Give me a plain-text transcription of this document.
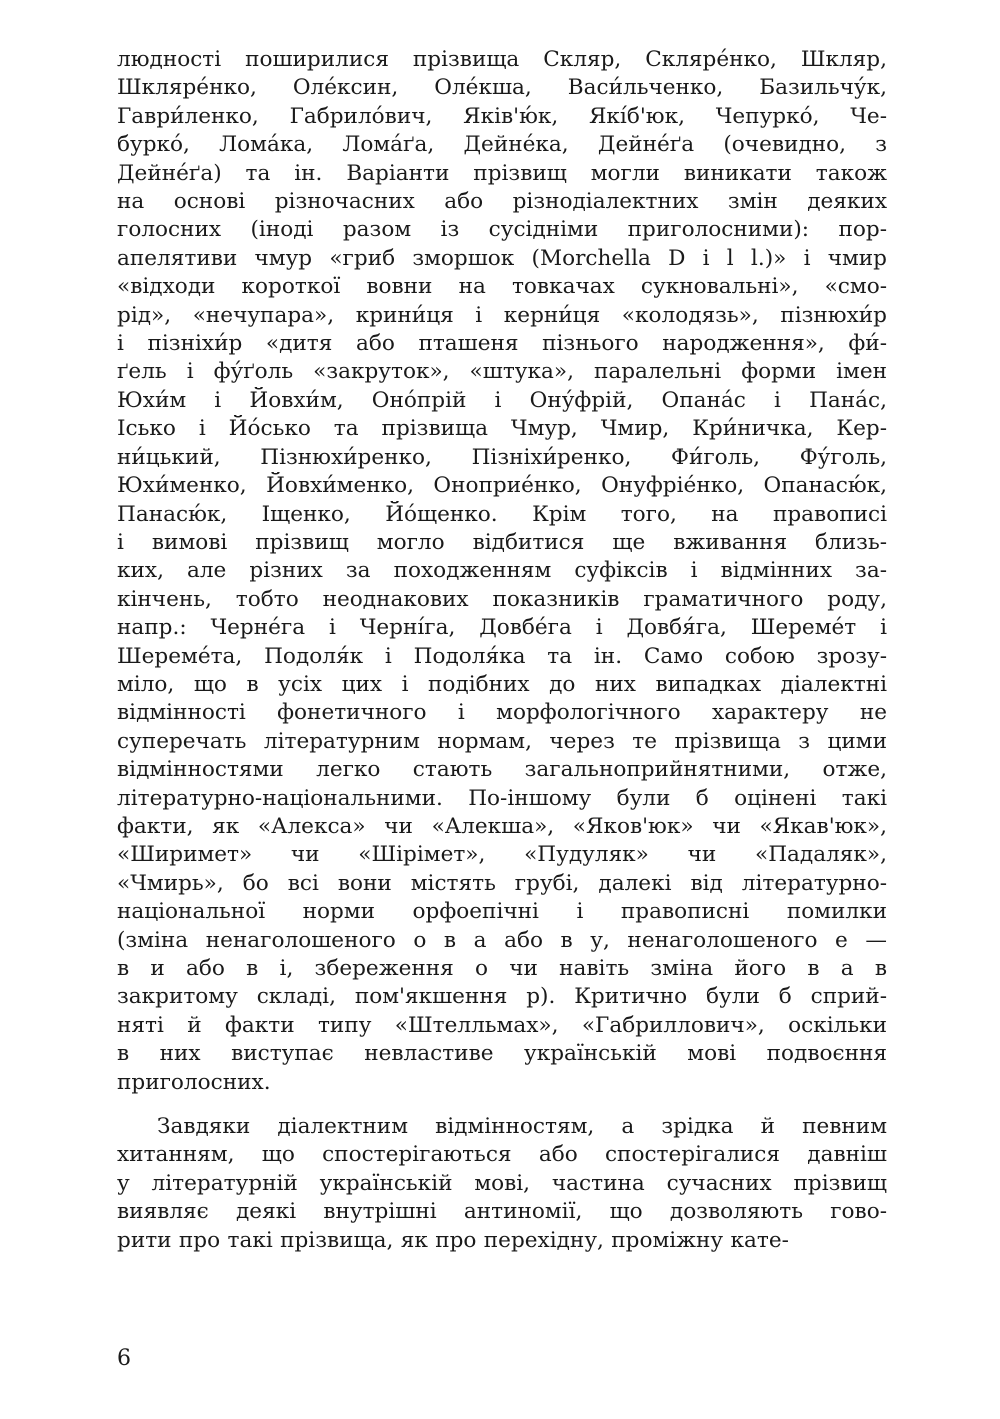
людності поширилися прізвища Скляр, Скляре́нко, Шкляр,
Шкляре́нко, Оле́ксин, Оле́кша, Васи́льченко, Базильчу́к,
Гаври́ленко, Габрило́вич, Яків'ю́к, Які́б'юк, Чепуркó, Че-
бурко́, Лома́ка, Лома́ґа, Дейне́ка, Дейне́ґа (очевидно, з
Дейне́ґа) та ін. Варіанти прізвищ могли виникати також
на основі різночасних або різнодіалектних змін деяких
голосних (іноді разом із сусідніми приголосними): пор-
апелятиви чмур «гриб зморшок (Morchella D i l l.)» і чмир
«відходи короткої вовни на товкачах сукновальні», «смо-
рід», «нечупара», крини́ця і керни́ця «колодязь», пізнюхи́р
і пізніхи́р «дитя або пташеня пізнього народження», фи́-
ґель і фу́ґоль «закруток», «штука», паралельні форми імен
Юхи́м і Йовхи́м, Оно́прій і Ону́фрій, Опана́с і Пана́с,
Ісько і Йо́сько та прізвища Чмур, Чмир, Кри́ничка, Кер-
ни́цький, Пізнюхи́ренко, Пізніхи́ренко, Фи́голь, Фу́голь,
Юхи́менко, Йовхи́менко, Оноприе́нко, Онуфрiéнко, Опанасю́к,
Панасю́к, Іщенко, Йо́щенко. Крім того, на правописі
і вимові прізвищ могло відбитися ще вживання близь-
ких, але різних за походженням суфіксів і відмінних за-
кінчень, тобто неоднакових показників граматичного роду,
напр.: Черне́га і Черні́га, Довбе́га і Довбя́га, Шереме́т і
Шереме́та, Подоля́к і Подоля́ка та ін. Само собою зрозу-
міло, що в усіх цих і подібних до них випадках діалектні
відмінності фонетичного і морфологічного характеру не
суперечать літературним нормам, через те прізвища з цими
відмінностями легко стають загальноприйнятними, отже,
літературно-національними. По-іншому були б оцінені такі
факти, як «Алекса» чи «Алекша», «Яков'юк» чи «Якав'юк»,
«Ширимет» чи «Шірімет», «Пудуляк» чи «Падаляк»,
«Чмирь», бо всі вони містять грубі, далекі від літературно-
національної норми орфоепічні і правописні помилки
(зміна ненаголошеного о в а або в у, ненаголошеного е —
в и або в і, збереження о чи навіть зміна його в а в
закритому складі, пом'якшення р). Критично були б сприй-
няті й факти типу «Штелльмах», «Габриллович», оскільки
в них виступає невластиве українській мові подвоєння
приголосних.

Завдяки діалектним відмінностям, а зрідка й певним
хитанням, що спостерігаються або спостерігалися давніш
у літературній українській мові, частина сучасних прізвищ
виявляє деякі внутрішні антиномії, що дозволяють гово-
рити про такі прізвища, як про перехідну, проміжну кате-

6
